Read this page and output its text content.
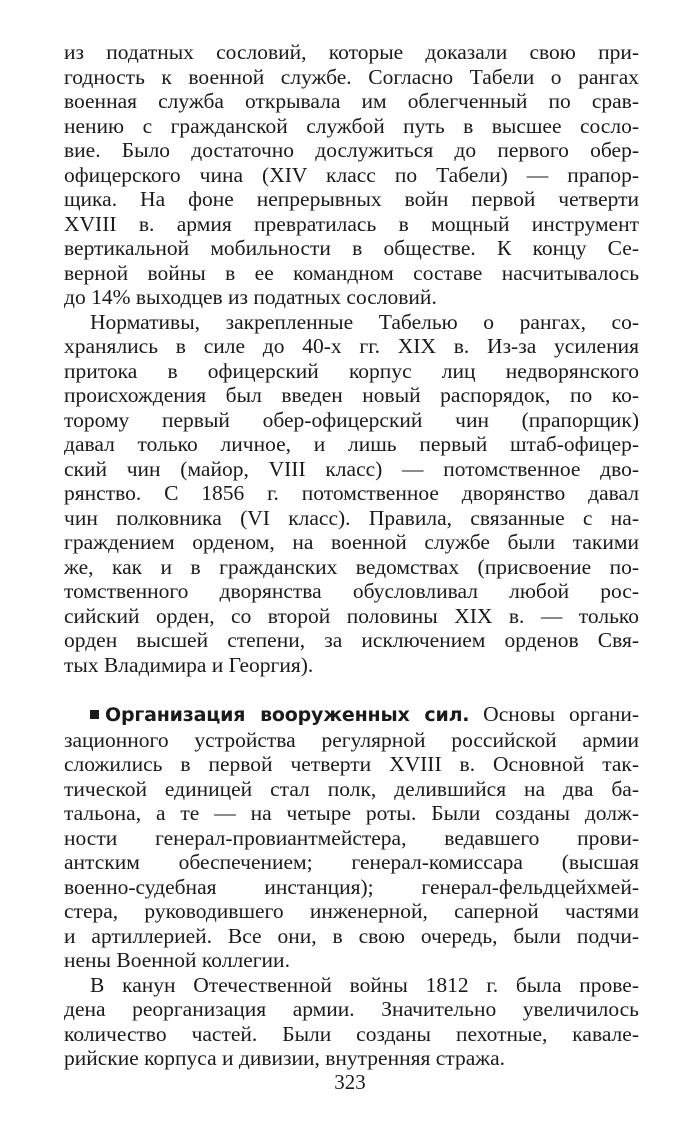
из податных сословий, которые доказали свою при-
годность к военной службе. Согласно Табели о рангах
военная служба открывала им облегченный по срав-
нению с гражданской службой путь в высшее сосло-
вие. Было достаточно дослужиться до первого обер-
офицерского чина (XIV класс по Табели) — прапор-
щика. На фоне непрерывных войн первой четверти
XVIII в. армия превратилась в мощный инструмент
вертикальной мобильности в обществе. К концу Се-
верной войны в ее командном составе насчитывалось
до 14% выходцев из податных сословий.
Нормативы, закрепленные Табелью о рангах, со-
хранялись в силе до 40-х гг. XIX в. Из-за усиления
притока в офицерский корпус лиц недворянского
происхождения был введен новый распорядок, по ко-
торому первый обер-офицерский чин (прапорщик)
давал только личное, и лишь первый штаб-офицер-
ский чин (майор, VIII класс) — потомственное дво-
рянство. С 1856 г. потомственное дворянство давал
чин полковника (VI класс). Правила, связанные с на-
граждением орденом, на военной службе были такими
же, как и в гражданских ведомствах (присвоение по-
томственного дворянства обусловливал любой рос-
сийский орден, со второй половины XIX в. — только
орден высшей степени, за исключением орденов Свя-
тых Владимира и Георгия).
Организация вооруженных сил. Основы органи-
зационного устройства регулярной российской армии
сложились в первой четверти XVIII в. Основной так-
тической единицей стал полк, делившийся на два ба-
тальона, а те — на четыре роты. Были созданы долж-
ности генерал-провиантмейстера, ведавшего прови-
антским обеспечением; генерал-комиссара (высшая
военно-судебная инстанция); генерал-фельдцейхмей-
стера, руководившего инженерной, саперной частями
и артиллерией. Все они, в свою очередь, были подчи-
нены Военной коллегии.
В канун Отечественной войны 1812 г. была прове-
дена реорганизация армии. Значительно увеличилось
количество частей. Были созданы пехотные, кавале-
рийские корпуса и дивизии, внутренняя стража.
323
